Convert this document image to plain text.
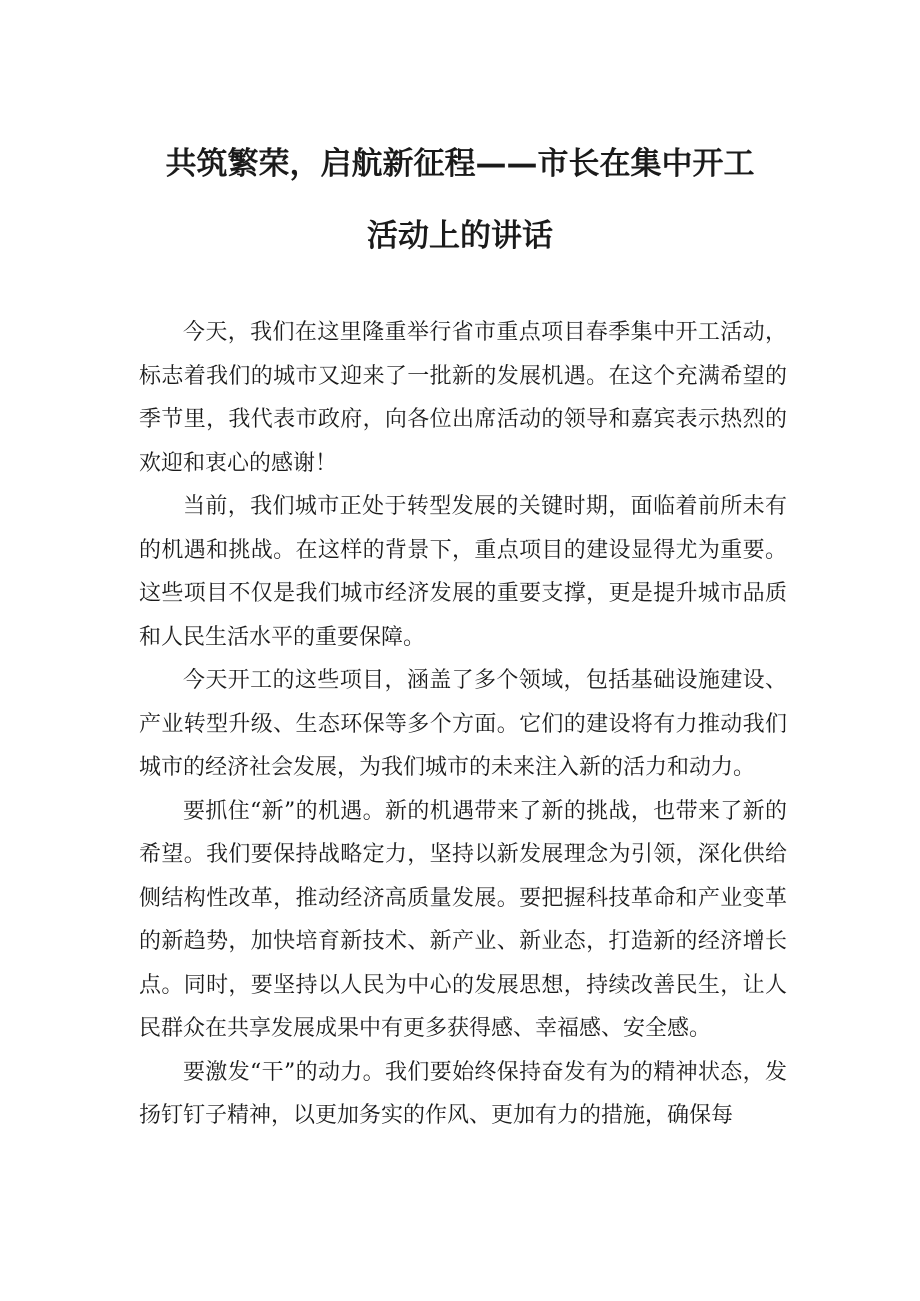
共筑繁荣，启航新征程——市长在集中开工
活动上的讲话

今天，我们在这里隆重举行省市重点项目春季集中开工活动，标志着我们的城市又迎来了一批新的发展机遇。在这个充满希望的季节里，我代表市政府，向各位出席活动的领导和嘉宾表示热烈的欢迎和衷心的感谢！

当前，我们城市正处于转型发展的关键时期，面临着前所未有的机遇和挑战。在这样的背景下，重点项目的建设显得尤为重要。这些项目不仅是我们城市经济发展的重要支撑，更是提升城市品质和人民生活水平的重要保障。

今天开工的这些项目，涵盖了多个领域，包括基础设施建设、产业转型升级、生态环保等多个方面。它们的建设将有力推动我们城市的经济社会发展，为我们城市的未来注入新的活力和动力。

要抓住“新”的机遇。新的机遇带来了新的挑战，也带来了新的希望。我们要保持战略定力，坚持以新发展理念为引领，深化供给侧结构性改革，推动经济高质量发展。要把握科技革命和产业变革的新趋势，加快培育新技术、新产业、新业态，打造新的经济增长点。同时，要坚持以人民为中心的发展思想，持续改善民生，让人民群众在共享发展成果中有更多获得感、幸福感、安全感。

要激发“干”的动力。我们要始终保持奋发有为的精神状态，发扬钉钉子精神，以更加务实的作风、更加有力的措施，确保每
